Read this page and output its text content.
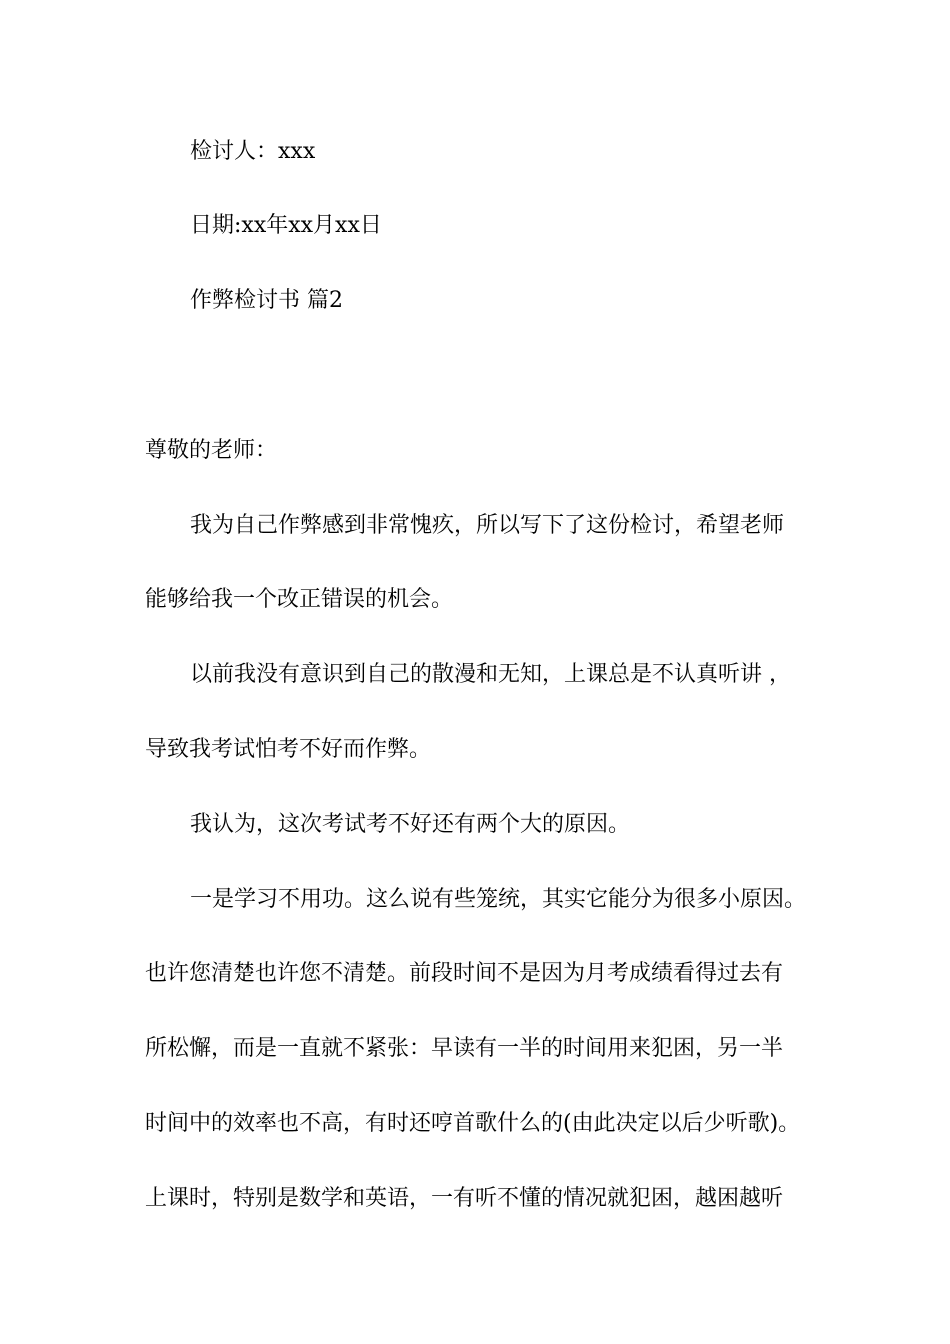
检讨人：xxx
日期:xx年xx月xx日
作弊检讨书 篇2
尊敬的老师：
我为自己作弊感到非常愧疚，所以写下了这份检讨，希望老师
能够给我一个改正错误的机会。
以前我没有意识到自己的散漫和无知，上课总是不认真听讲 ，
导致我考试怕考不好而作弊。
我认为，这次考试考不好还有两个大的原因。
一是学习不用功。这么说有些笼统，其实它能分为很多小原因。
也许您清楚也许您不清楚。前段时间不是因为月考成绩看得过去有
所松懈，而是一直就不紧张：早读有一半的时间用来犯困，另一半
时间中的效率也不高，有时还哼首歌什么的(由此决定以后少听歌)。
上课时，特别是数学和英语，一有听不懂的情况就犯困，越困越听
